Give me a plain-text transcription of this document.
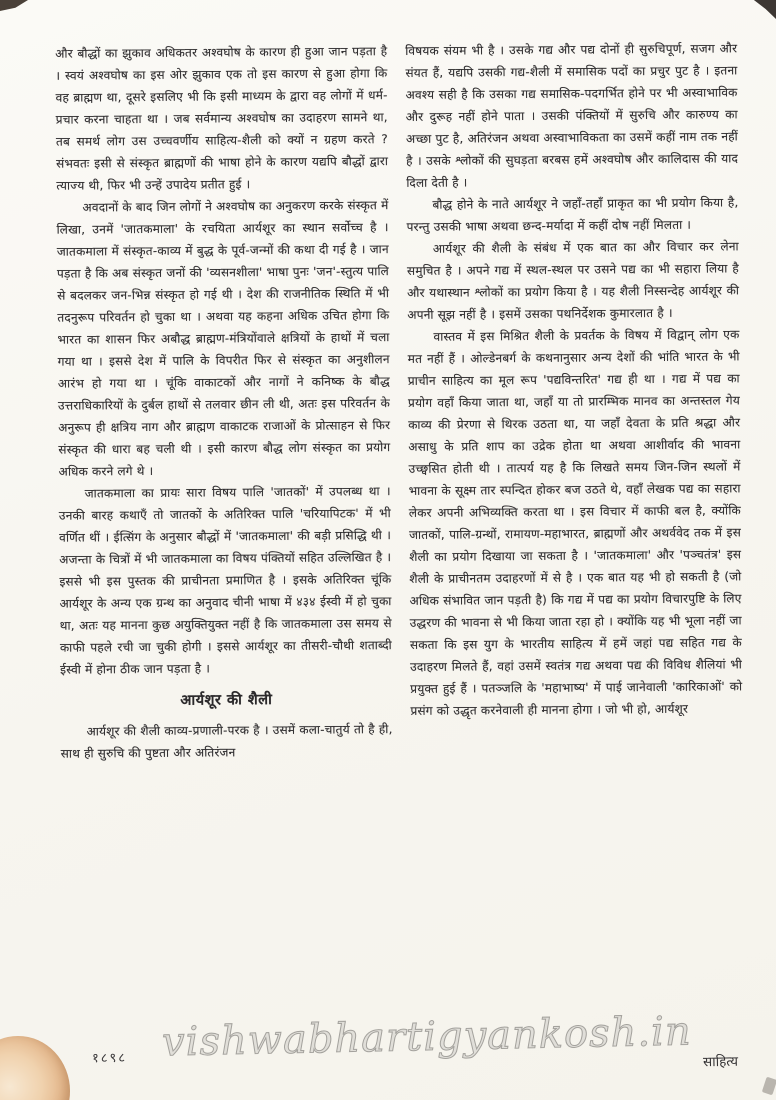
और बौद्धों का झुकाव अधिकतर अश्वघोष के कारण ही हुआ जान पड़ता है । स्वयं अश्वघोष का इस ओर झुकाव एक तो इस कारण से हुआ होगा कि वह ब्राह्मण था, दूसरे इसलिए भी कि इसी माध्यम के द्वारा वह लोगों में धर्म-प्रचार करना चाहता था । जब सर्वमान्य अश्वघोष का उदाहरण सामने था, तब समर्थ लोग उस उच्चवर्णीय साहित्य-शैली को क्यों न ग्रहण करते ? संभवतः इसी से संस्कृत ब्राह्मणों की भाषा होने के कारण यद्यपि बौद्धों द्वारा त्याज्य थी, फिर भी उन्हें उपादेय प्रतीत हुई ।

अवदानों के बाद जिन लोगों ने अश्वघोष का अनुकरण करके संस्कृत में लिखा, उनमें 'जातकमाला' के रचयिता आर्यशूर का स्थान सर्वोच्च है । जातकमाला में संस्कृत-काव्य में बुद्ध के पूर्व-जन्मों की कथा दी गई है । जान पड़ता है कि अब संस्कृत जनों की 'व्यसनशीला' भाषा पुनः 'जन'-स्तुत्य पालि से बदलकर जन-भिन्न संस्कृत हो गई थी । देश की राजनीतिक स्थिति में भी तदनुरूप परिवर्तन हो चुका था । अथवा यह कहना अधिक उचित होगा कि भारत का शासन फिर अबौद्ध ब्राह्मण-मंत्रियोंवाले क्षत्रियों के हाथों में चला गया था । इससे देश में पालि के विपरीत फिर से संस्कृत का अनुशीलन आरंभ हो गया था । चूंकि वाकाटकों और नागों ने कनिष्क के बौद्ध उत्तराधिकारियों के दुर्बल हाथों से तलवार छीन ली थी, अतः इस परिवर्तन के अनुरूप ही क्षत्रिय नाग और ब्राह्मण वाकाटक राजाओं के प्रोत्साहन से फिर संस्कृत की धारा बह चली थी । इसी कारण बौद्ध लोग संस्कृत का प्रयोग अधिक करने लगे थे ।

जातकमाला का प्रायः सारा विषय पालि 'जातकों' में उपलब्ध था । उनकी बारह कथाएँ तो जातकों के अतिरिक्त पालि 'चरियापिटक' में भी वर्णित थीं । ईत्सिंग के अनुसार बौद्धों में 'जातकमाला' की बड़ी प्रसिद्धि थी । अजन्ता के चित्रों में भी जातकमाला का विषय पंक्तियों सहित उल्लिखित है । इससे भी इस पुस्तक की प्राचीनता प्रमाणित है । इसके अतिरिक्त चूंकि आर्यशूर के अन्य एक ग्रन्थ का अनुवाद चीनी भाषा में ४३४ ईस्वी में हो चुका था, अतः यह मानना कुछ अयुक्तियुक्त नहीं है कि जातकमाला उस समय से काफी पहले रची जा चुकी होगी । इससे आर्यशूर का तीसरी-चौथी शताब्दी ईस्वी में होना ठीक जान पड़ता है ।

आर्यशूर की शैली

आर्यशूर की शैली काव्य-प्रणाली-परक है । उसमें कला-चातुर्य तो है ही, साथ ही सुरुचि की पुष्टता और अतिरंजन

विषयक संयम भी है । उसके गद्य और पद्य दोनों ही सुरुचिपूर्ण, सजग और संयत हैं, यद्यपि उसकी गद्य-शैली में समासिक पदों का प्रचुर पुट है । इतना अवश्य सही है कि उसका गद्य समासिक-पदगर्भित होने पर भी अस्वाभाविक और दुरूह नहीं होने पाता । उसकी पंक्तियों में सुरुचि और कारुण्य का अच्छा पुट है, अतिरंजन अथवा अस्वाभाविकता का उसमें कहीं नाम तक नहीं है । उसके श्लोकों की सुघड़ता बरबस हमें अश्वघोष और कालिदास की याद दिला देती है ।

बौद्ध होने के नाते आर्यशूर ने जहाँ-तहाँ प्राकृत का भी प्रयोग किया है, परन्तु उसकी भाषा अथवा छन्द-मर्यादा में कहीं दोष नहीं मिलता ।

आर्यशूर की शैली के संबंध में एक बात का और विचार कर लेना समुचित है । अपने गद्य में स्थल-स्थल पर उसने पद्य का भी सहारा लिया है और यथास्थान श्लोकों का प्रयोग किया है । यह शैली निस्सन्देह आर्यशूर की अपनी सूझ नहीं है । इसमें उसका पथनिर्देशक कुमारलात है ।

वास्तव में इस मिश्रित शैली के प्रवर्तक के विषय में विद्वान् लोग एक मत नहीं हैं । ओल्डेनबर्ग के कथनानुसार अन्य देशों की भांति भारत के भी प्राचीन साहित्य का मूल रूप 'पद्यविन्तरित' गद्य ही था । गद्य में पद्य का प्रयोग वहाँ किया जाता था, जहाँ या तो प्रारम्भिक मानव का अन्तस्तल गेय काव्य की प्रेरणा से थिरक उठता था, या जहाँ देवता के प्रति श्रद्धा और असाधु के प्रति शाप का उद्रेक होता था अथवा आशीर्वाद की भावना उच्छ्वसित होती थी । तात्पर्य यह है कि लिखते समय जिन-जिन स्थलों में भावना के सूक्ष्म तार स्पन्दित होकर बज उठते थे, वहाँ लेखक पद्य का सहारा लेकर अपनी अभिव्यक्ति करता था । इस विचार में काफी बल है, क्योंकि जातकों, पालि-ग्रन्थों, रामायण-महाभारत, ब्राह्मणों और अथर्ववेद तक में इस शैली का प्रयोग दिखाया जा सकता है । 'जातकमाला' और 'पञ्चतंत्र' इस शैली के प्राचीनतम उदाहरणों में से है । एक बात यह भी हो सकती है (जो अधिक संभावित जान पड़ती है) कि गद्य में पद्य का प्रयोग विचारपुष्टि के लिए उद्धरण की भावना से भी किया जाता रहा हो । क्योंकि यह भी भूला नहीं जा सकता कि इस युग के भारतीय साहित्य में हमें जहां पद्य सहित गद्य के उदाहरण मिलते हैं, वहां उसमें स्वतंत्र गद्य अथवा पद्य की विविध शैलियां भी प्रयुक्त हुई हैं । पतञ्जलि के 'महाभाष्य' में पाई जानेवाली 'कारिकाओं' को प्रसंग को उद्धृत करनेवाली ही मानना होगा । जो भी हो, आर्यशूर

vishwabhartigyankosh.in
१८९८	साहित्य
